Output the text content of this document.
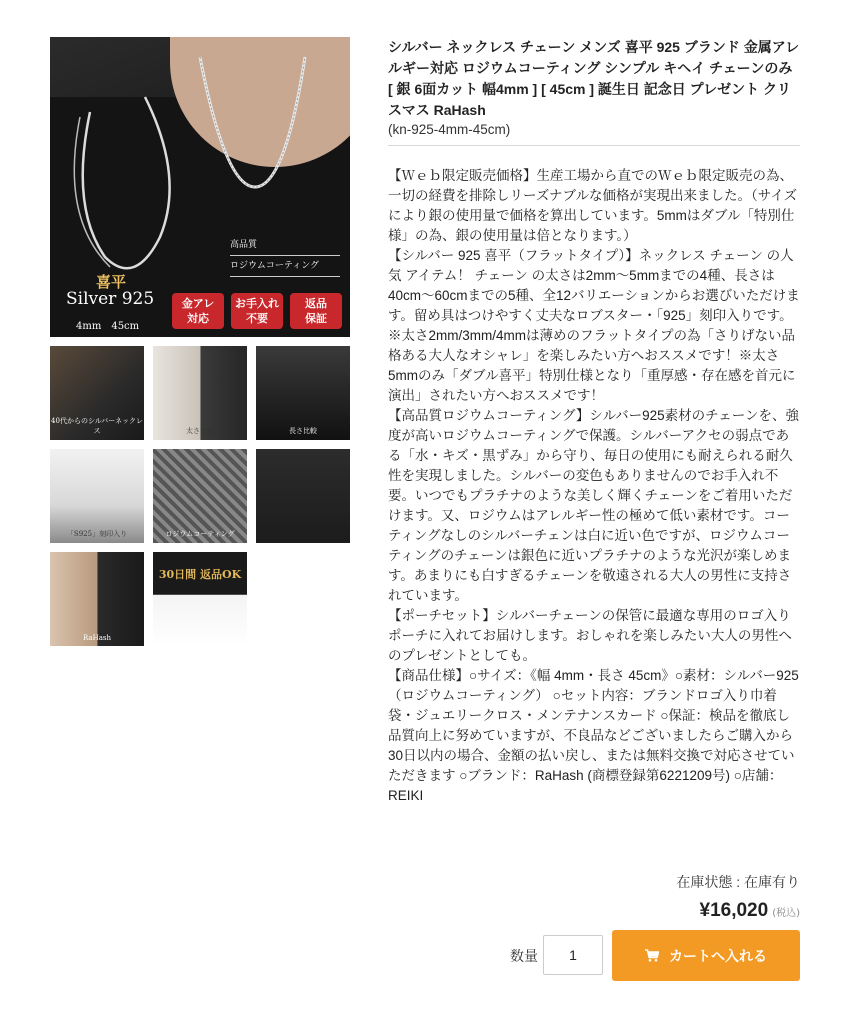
高品質
ロジウムコーティング
喜平
Silver 925
4mm　45cm
金アレ
対応
お手入れ
不要
返品
保証
40代からのシルバーネックレス	太さ比較	長さ比較
「S925」刻印入り	ロジウムコーティング
RaHash
30日間 返品OK
シルバー ネックレス チェーン メンズ 喜平 925 ブランド 金属アレルギー対応 ロジウムコーティング シンプル キヘイ チェーンのみ [ 銀 6面カット 幅4mm ] [ 45cm ] 誕生日 記念日 プレゼント クリスマス RaHash
(kn-925-4mm-45cm)
【Ｗｅｂ限定販売価格】生産工場から直でのＷｅｂ限定販売の為、一切の経費を排除しリーズナブルな価格が実現出来ました。（サイズにより銀の使用量で価格を算出しています。5mmはダブル「特別仕様」の為、銀の使用量は倍となります。）
【シルバー 925 喜平（フラットタイプ）】ネックレス チェーン の人気 アイテム！ チェーン の太さは2mm〜5mmまでの4種、長さは40cm〜60cmまでの5種、全12バリエーションからお選びいただけます。留め具はつけやすく丈夫なロブスター・「925」刻印入りです。※太さ2mm/3mm/4mmは薄めのフラットタイプの為「さりげない品格ある大人なオシャレ」を楽しみたい方へおススメです！※太さ5mmのみ「ダブル喜平」特別仕様となり「重厚感・存在感を首元に演出」されたい方へおススメです！
【高品質ロジウムコーティング】シルバー925素材のチェーンを、強度が高いロジウムコーティングで保護。シルバーアクセの弱点である「水・キズ・黒ずみ」から守り、毎日の使用にも耐えられる耐久性を実現しました。シルバーの変色もありませんのでお手入れ不要。いつでもプラチナのような美しく輝くチェーンをご着用いただけます。又、ロジウムはアレルギー性の極めて低い素材です。コーティングなしのシルバーチェンは白に近い色ですが、ロジウムコーティングのチェーンは銀色に近いプラチナのような光沢が楽しめます。あまりにも白すぎるチェーンを敬遠される大人の男性に支持されています。
【ポーチセット】シルバーチェーンの保管に最適な専用のロゴ入りポーチに入れてお届けします。おしゃれを楽しみたい大人の男性へのプレゼントとしても。
【商品仕様】○サイズ：《幅 4mm・長さ 45cm》○素材：シルバー925（ロジウムコーティング） ○セット内容：ブランドロゴ入り巾着袋・ジュエリークロス・メンテナンスカード ○保証：検品を徹底し品質向上に努めていますが、不良品などございましたらご購入から30日以内の場合、金額の払い戻し、または無料交換で対応させていただきます ○ブランド：RaHash (商標登録第6221209号) ○店舗：REIKI
在庫状態 : 在庫有り
¥16,020 (税込)
数量
1	カートへ入れる
